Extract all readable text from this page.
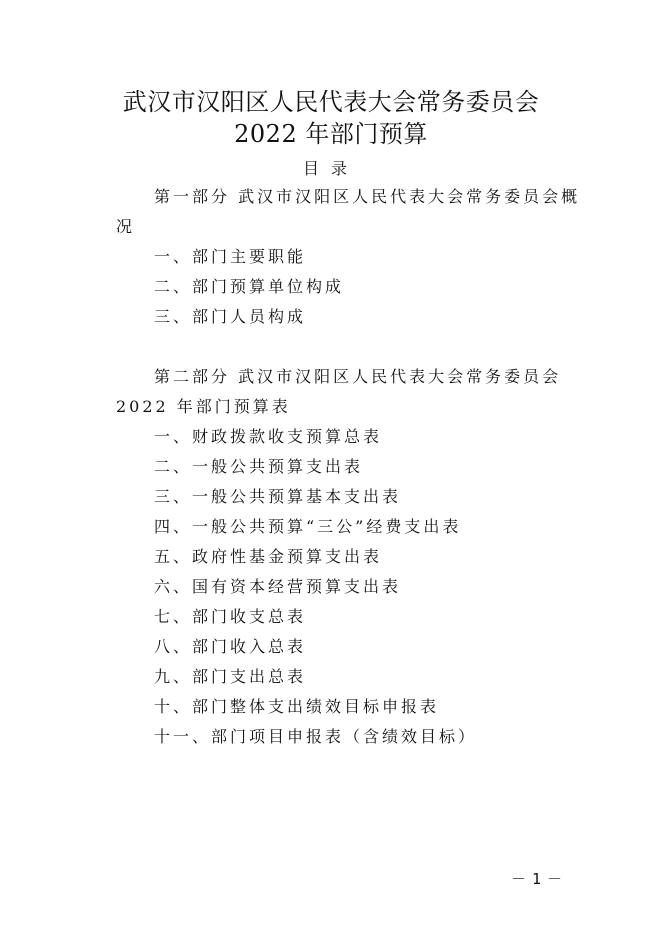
武汉市汉阳区人民代表大会常务委员会
2022 年部门预算
目录
第一部分 武汉市汉阳区人民代表大会常务委员会概
况
一、部门主要职能
二、部门预算单位构成
三、部门人员构成
第二部分 武汉市汉阳区人民代表大会常务委员会
2022 年部门预算表
一、财政拨款收支预算总表
二、一般公共预算支出表
三、一般公共预算基本支出表
四、一般公共预算“三公”经费支出表
五、政府性基金预算支出表
六、国有资本经营预算支出表
七、部门收支总表
八、部门收入总表
九、部门支出总表
十、部门整体支出绩效目标申报表
十一、部门项目申报表（含绩效目标）
－1－
